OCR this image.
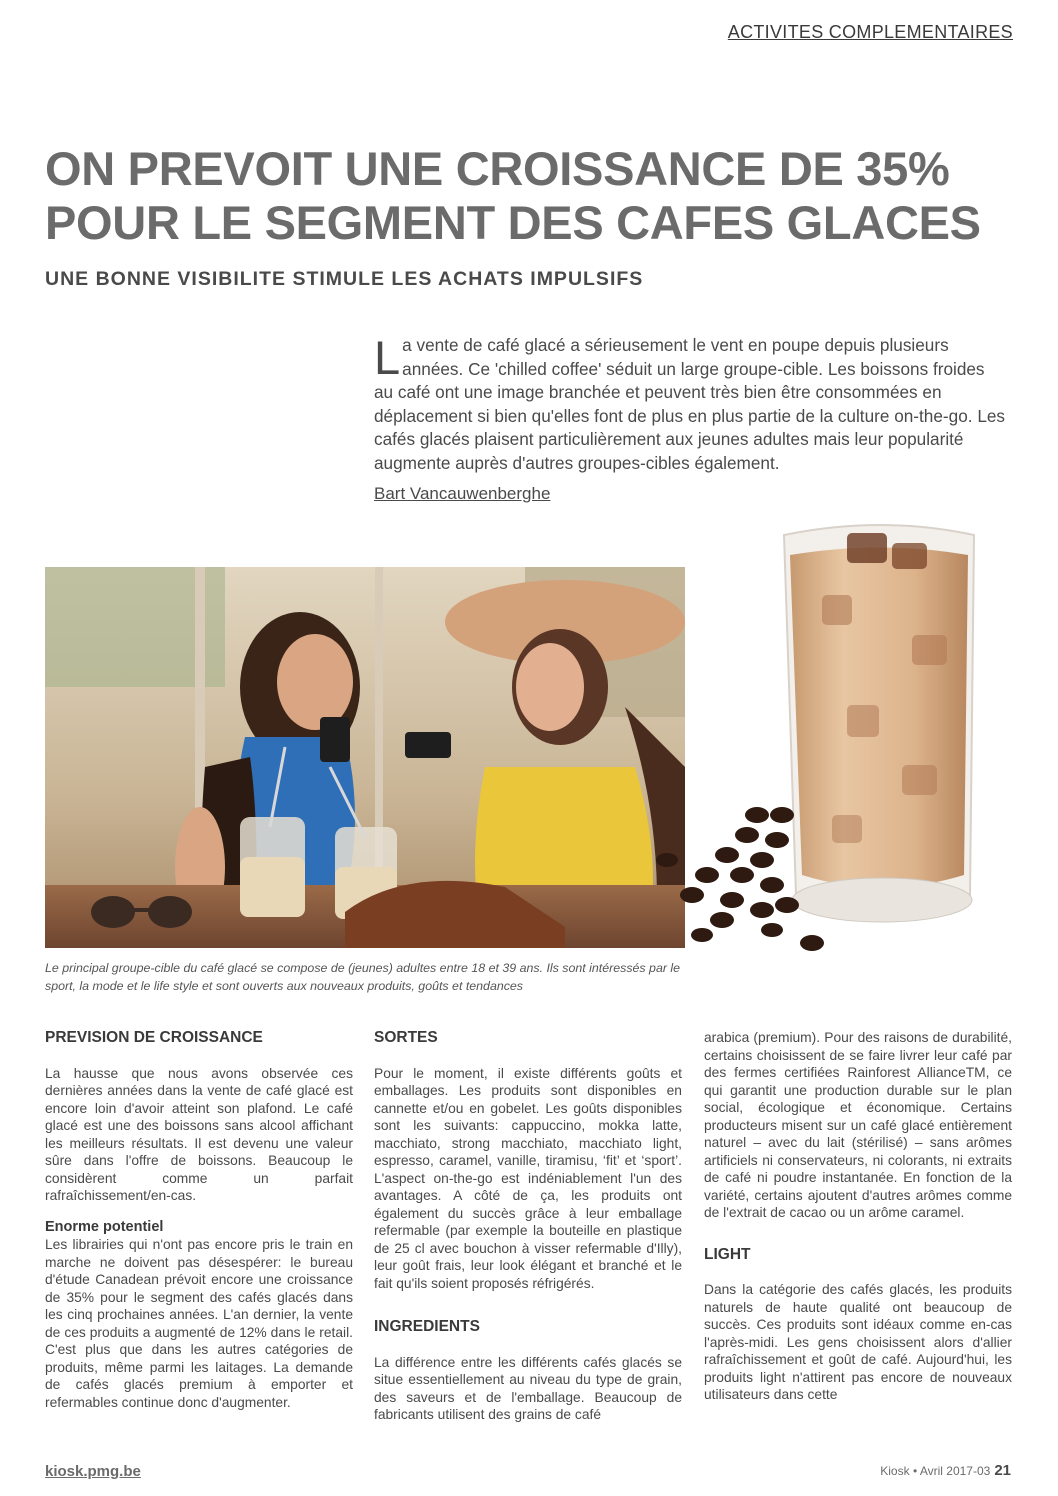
ACTIVITES COMPLEMENTAIRES
ON PREVOIT UNE CROISSANCE DE 35%
POUR LE SEGMENT DES CAFES GLACES
UNE BONNE VISIBILITE STIMULE LES ACHATS IMPULSIFS
La vente de café glacé a sérieusement le vent en poupe depuis plusieurs années. Ce 'chilled coffee' séduit un large groupe-cible. Les boissons froides au café ont une image branchée et peuvent très bien être consommées en déplacement si bien qu'elles font de plus en plus partie de la culture on-the-go. Les cafés glacés plaisent particulièrement aux jeunes adultes mais leur popularité augmente auprès d'autres groupes-cibles également.
Bart Vancauwenberghe
Le principal groupe-cible du café glacé se compose de (jeunes) adultes entre 18 et 39 ans. Ils sont intéressés par le sport, la mode et le life style et sont ouverts aux nouveaux produits, goûts et tendances
PREVISION DE CROISSANCE

La hausse que nous avons observée ces dernières années dans la vente de café glacé est encore loin d'avoir atteint son plafond. Le café glacé est une des boissons sans alcool affichant les meilleurs résultats. Il est devenu une valeur sûre dans l'offre de boissons. Beaucoup le considèrent comme un parfait rafraîchissement/en-cas.

Enorme potentiel

Les librairies qui n'ont pas encore pris le train en marche ne doivent pas désespérer: le bureau d'étude Canadean prévoit encore une croissance de 35% pour le segment des cafés glacés dans les cinq prochaines années. L'an dernier, la vente de ces produits a augmenté de 12% dans le retail. C'est plus que dans les autres catégories de produits, même parmi les laitages. La demande de cafés glacés premium à emporter et refermables continue donc d'augmenter.

SORTES

Pour le moment, il existe différents goûts et emballages. Les produits sont disponibles en cannette et/ou en gobelet. Les goûts disponibles sont les suivants: cappuccino, mokka latte, macchiato, strong macchiato, macchiato light, espresso, caramel, vanille, tiramisu, ‘fit’ et ‘sport’. L'aspect on-the-go est indéniablement l'un des avantages. A côté de ça, les produits ont également du succès grâce à leur emballage refermable (par exemple la bouteille en plastique de 25 cl avec bouchon à visser refermable d'Illy), leur goût frais, leur look élégant et branché et le fait qu'ils soient proposés réfrigérés.

INGREDIENTS

La différence entre les différents cafés glacés se situe essentiellement au niveau du type de grain, des saveurs et de l'emballage. Beaucoup de fabricants utilisent des grains de café

arabica (premium). Pour des raisons de durabilité, certains choisissent de se faire livrer leur café par des fermes certifiées Rainforest AllianceTM, ce qui garantit une production durable sur le plan social, écologique et économique. Certains producteurs misent sur un café glacé entièrement naturel – avec du lait (stérilisé) – sans arômes artificiels ni conservateurs, ni colorants, ni extraits de café ni poudre instantanée. En fonction de la variété, certains ajoutent d'autres arômes comme de l'extrait de cacao ou un arôme caramel.

LIGHT

Dans la catégorie des cafés glacés, les produits naturels de haute qualité ont beaucoup de succès. Ces produits sont idéaux comme en-cas l'après-midi. Les gens choisissent alors d'allier rafraîchissement et goût de café. Aujourd'hui, les produits light n'attirent pas encore de nouveaux utilisateurs dans cette

kiosk.pmg.be	Kiosk • Avril 2017-03 21
